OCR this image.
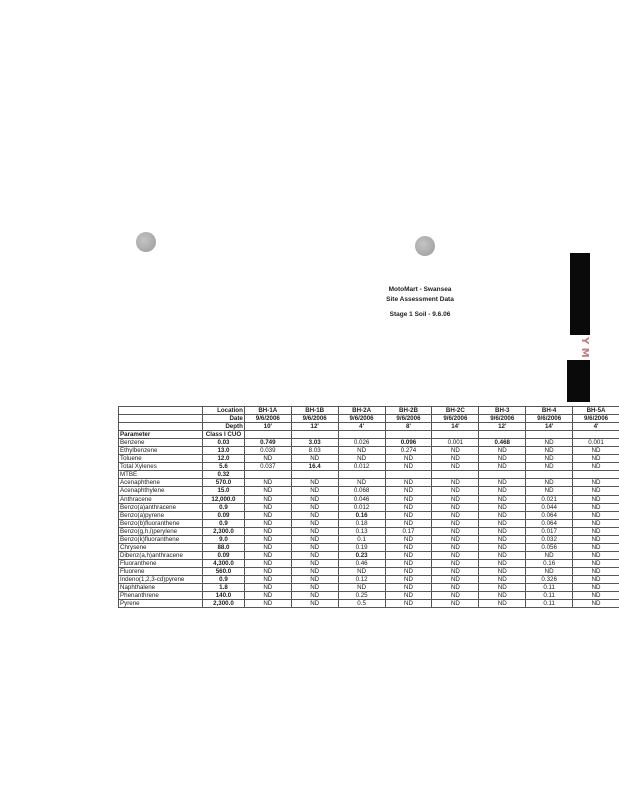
Y M
MotoMart - Swansea
Site Assessment Data
Stage 1 Soil - 9.6.06
	Location	BH-1A	BH-1B	BH-2A	BH-2B	BH-2C	BH-3	BH-4	BH-5A
	Date	9/6/2006	9/6/2006	9/6/2006	9/6/2006	9/6/2006	9/6/2006	9/6/2006	9/6/2006
	Depth	10'	12'	4'	8'	14'	12'	14'	4'
Parameter	Class I CUO								
Benzene	0.03	0.749	3.03	0.026	0.096	0.001	0.468	ND	0.001
Ethylbenzene	13.0	0.039	8.03	ND	0.274	ND	ND	ND	ND
Toluene	12.0	ND	ND	ND	ND	ND	ND	ND	ND
Total Xylenes	5.6	0.037	16.4	0.012	ND	ND	ND	ND	ND
MTBE	0.32								
Acenaphthene	570.0	ND	ND	ND	ND	ND	ND	ND	ND
Acenaphthylene	15.0	ND	ND	0.068	ND	ND	ND	ND	ND
Anthracene	12,000.0	ND	ND	0.046	ND	ND	ND	0.021	ND
Benzo(a)anthracene	0.9	ND	ND	0.012	ND	ND	ND	0.044	ND
Benzo(a)pyrene	0.09	ND	ND	0.16	ND	ND	ND	0.064	ND
Benzo(b)fluoranthene	0.9	ND	ND	0.18	ND	ND	ND	0.064	ND
Benzo(g,h,i)perylene	2,300.0	ND	ND	0.13	0.17	ND	ND	0.017	ND
Benzo(k)fluoranthene	9.0	ND	ND	0.1	ND	ND	ND	0.032	ND
Chrysene	88.0	ND	ND	0.19	ND	ND	ND	0.056	ND
Dibenz(a,h)anthracene	0.09	ND	ND	0.23	ND	ND	ND	ND	ND
Fluoranthene	4,300.0	ND	ND	0.46	ND	ND	ND	0.16	ND
Fluorene	560.0	ND	ND	ND	ND	ND	ND	ND	ND
Indeno(1,2,3-cd)pyrene	0.9	ND	ND	0.12	ND	ND	ND	0.326	ND
Naphthalene	1.8	ND	ND	ND	ND	ND	ND	0.11	ND
Phenanthrene	140.0	ND	ND	0.25	ND	ND	ND	0.11	ND
Pyrene	2,300.0	ND	ND	0.5	ND	ND	ND	0.11	ND
